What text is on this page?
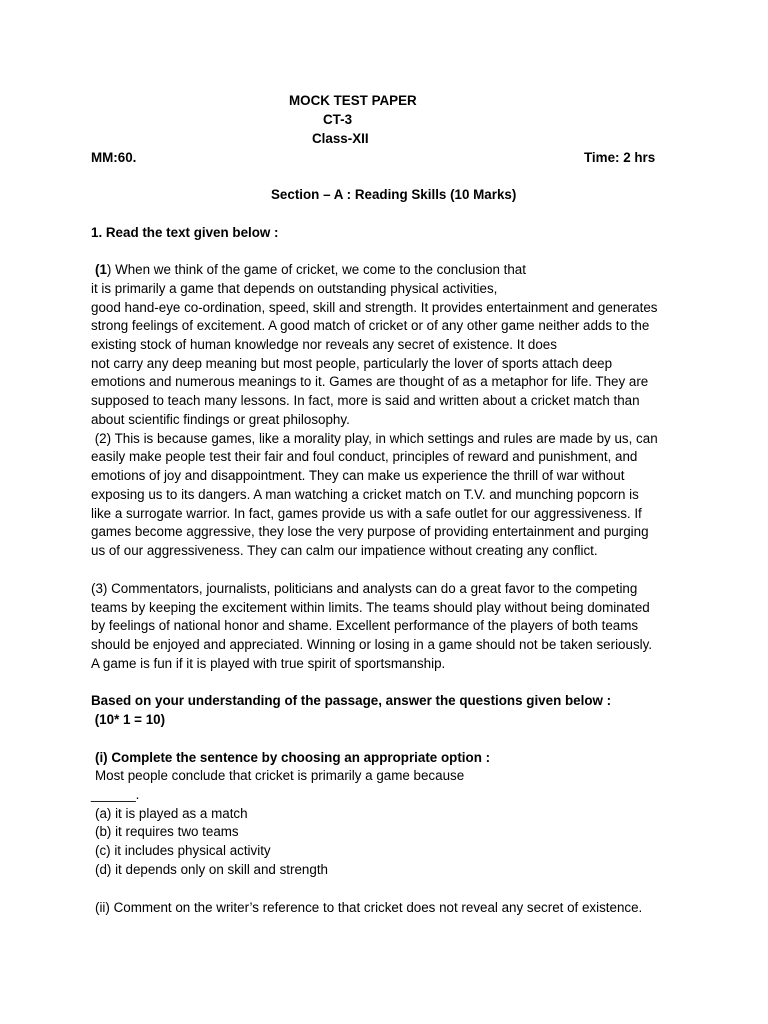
MOCK TEST PAPER
CT-3
Class-XII
MM:60.	Time: 2 hrs
Section – A : Reading Skills (10 Marks)
1. Read the text given below :
(1) When we think of the game of cricket, we come to the conclusion that
it is primarily a game that depends on outstanding physical activities,
good hand-eye co-ordination, speed, skill and strength. It provides entertainment and generates
strong feelings of excitement. A good match of cricket or of any other game neither adds to the
existing stock of human knowledge nor reveals any secret of existence. It does
not carry any deep meaning but most people, particularly the lover of sports attach deep
emotions and numerous meanings to it. Games are thought of as a metaphor for life. They are
supposed to teach many lessons. In fact, more is said and written about a cricket match than
about scientific findings or great philosophy.
(2) This is because games, like a morality play, in which settings and rules are made by us, can
easily make people test their fair and foul conduct, principles of reward and punishment, and
emotions of joy and disappointment. They can make us experience the thrill of war without
exposing us to its dangers. A man watching a cricket match on T.V. and munching popcorn is
like a surrogate warrior. In fact, games provide us with a safe outlet for our aggressiveness. If
games become aggressive, they lose the very purpose of providing entertainment and purging
us of our aggressiveness. They can calm our impatience without creating any conflict.
(3) Commentators, journalists, politicians and analysts can do a great favor to the competing
teams by keeping the excitement within limits. The teams should play without being dominated
by feelings of national honor and shame. Excellent performance of the players of both teams
should be enjoyed and appreciated. Winning or losing in a game should not be taken seriously.
A game is fun if it is played with true spirit of sportsmanship.
Based on your understanding of the passage, answer the questions given below :
(10* 1 = 10)
(i) Complete the sentence by choosing an appropriate option :
Most people conclude that cricket is primarily a game because
______.
(a) it is played as a match
(b) it requires two teams
(c) it includes physical activity
(d) it depends only on skill and strength
(ii) Comment on the writer’s reference to that cricket does not reveal any secret of existence.
